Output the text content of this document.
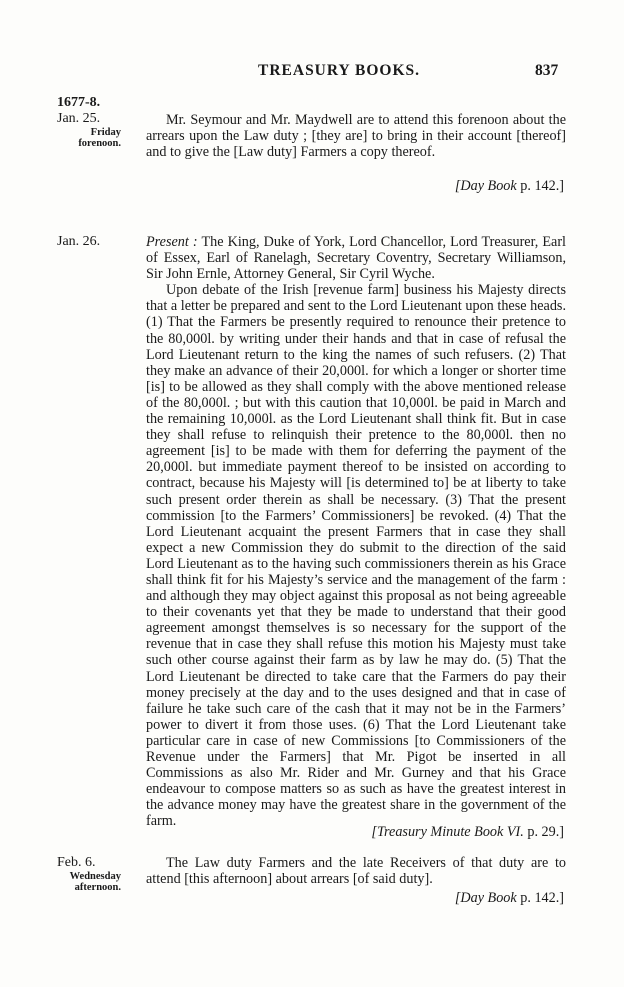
TREASURY BOOKS.	837
1677-8.
Jan. 25.
Friday
forenoon.

Mr. Seymour and Mr. Maydwell are to attend this forenoon about the arrears upon the Law duty ; [they are] to bring in their account [thereof] and to give the [Law duty] Farmers a copy thereof.

[Day Book p. 142.]
Jan. 26.	Present : The King, Duke of York, Lord Chancellor, Lord Treasurer, Earl of Essex, Earl of Ranelagh, Secretary Coventry, Secretary Williamson, Sir John Ernle, Attorney General, Sir Cyril Wyche.

Upon debate of the Irish [revenue farm] business his Majesty directs that a letter be prepared and sent to the Lord Lieutenant upon these heads. (1) That the Farmers be presently required to renounce their pretence to the 80,000l. by writing under their hands and that in case of refusal the Lord Lieutenant return to the king the names of such refusers. (2) That they make an advance of their 20,000l. for which a longer or shorter time [is] to be allowed as they shall comply with the above mentioned release of the 80,000l. ; but with this caution that 10,000l. be paid in March and the remaining 10,000l. as the Lord Lieutenant shall think fit. But in case they shall refuse to relinquish their pretence to the 80,000l. then no agreement [is] to be made with them for deferring the payment of the 20,000l. but immediate payment thereof to be insisted on according to contract, because his Majesty will [is determined to] be at liberty to take such present order therein as shall be necessary. (3) That the present commission [to the Farmers’ Commissioners] be revoked. (4) That the Lord Lieutenant acquaint the present Farmers that in case they shall expect a new Commission they do submit to the direction of the said Lord Lieutenant as to the having such commissioners therein as his Grace shall think fit for his Majesty’s service and the management of the farm : and although they may object against this proposal as not being agreeable to their covenants yet that they be made to understand that their good agreement amongst themselves is so necessary for the support of the revenue that in case they shall refuse this motion his Majesty must take such other course against their farm as by law he may do. (5) That the Lord Lieutenant be directed to take care that the Farmers do pay their money precisely at the day and to the uses designed and that in case of failure he take such care of the cash that it may not be in the Farmers’ power to divert it from those uses. (6) That the Lord Lieutenant take particular care in case of new Commissions [to Commissioners of the Revenue under the Farmers] that Mr. Pigot be inserted in all Commissions as also Mr. Rider and Mr. Gurney and that his Grace endeavour to compose matters so as such as have the greatest interest in the advance money may have the greatest share in the government of the farm.

[Treasury Minute Book VI. p. 29.]
Feb. 6.
Wednesday
afternoon.

The Law duty Farmers and the late Receivers of that duty are to attend [this afternoon] about arrears [of said duty].

[Day Book p. 142.]
